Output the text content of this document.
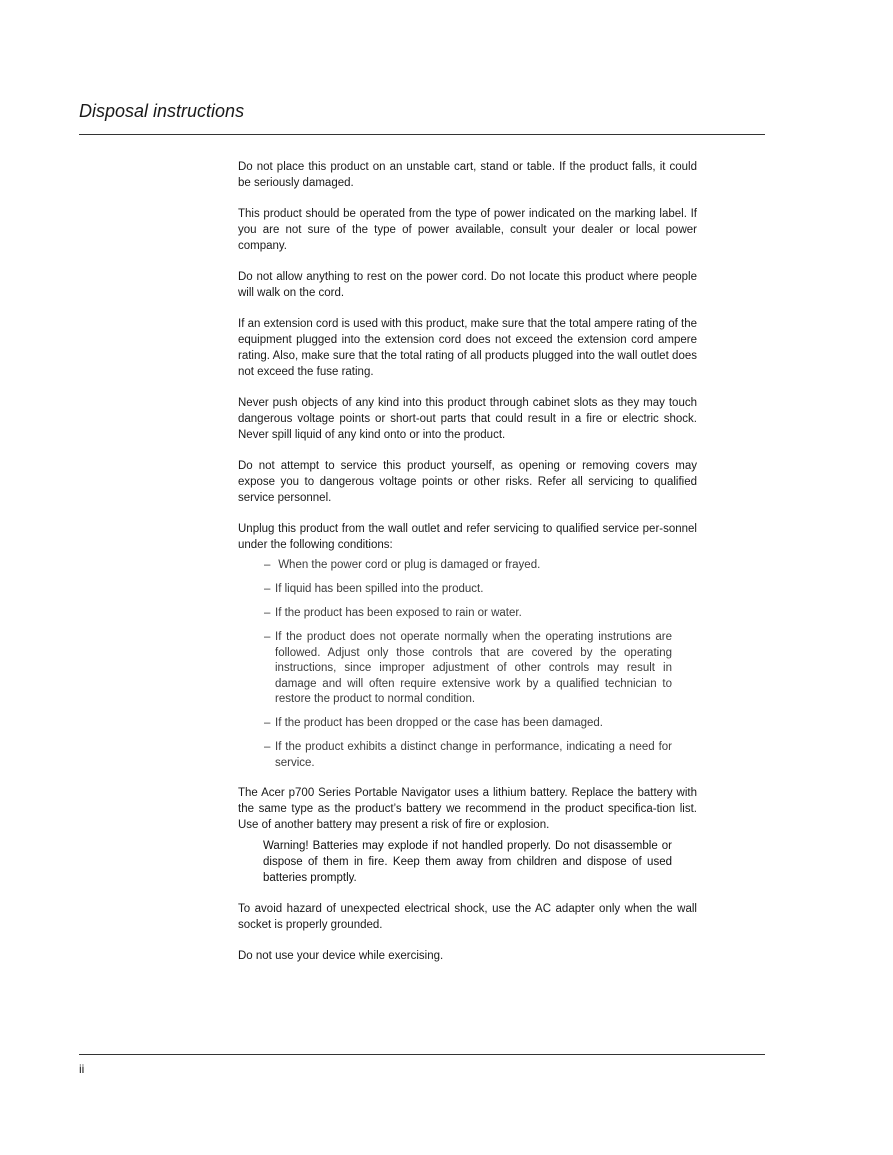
Disposal instructions

Do not place this product on an unstable cart, stand or table. If the product falls, it could be seriously damaged.

This product should be operated from the type of power indicated on the marking label. If you are not sure of the type of power available, consult your dealer or local power company.

Do not allow anything to rest on the power cord. Do not locate this product where people will walk on the cord.

If an extension cord is used with this product, make sure that the total ampere rating of the equipment plugged into the extension cord does not exceed the extension cord ampere rating. Also, make sure that the total rating of all products plugged into the wall outlet does not exceed the fuse rating.

Never push objects of any kind into this product through cabinet slots as they may touch dangerous voltage points or short-out parts that could result in a fire or electric shock. Never spill liquid of any kind onto or into the product.

Do not attempt to service this product yourself, as opening or removing covers may expose you to dangerous voltage points or other risks. Refer all servicing to qualified service personnel.

Unplug this product from the wall outlet and refer servicing to qualified service per-sonnel under the following conditions:

– When the power cord or plug is damaged or frayed.
– If liquid has been spilled into the product.
– If the product has been exposed to rain or water.
– If the product does not operate normally when the operating instrutions are followed. Adjust only those controls that are covered by the operating instructions, since improper adjustment of other controls may result in damage and will often require extensive work by a qualified technician to restore the product to normal condition.
– If the product has been dropped or the case has been damaged.
– If the product exhibits a distinct change in performance, indicating a need for service.

The Acer p700 Series Portable Navigator uses a lithium battery. Replace the battery with the same type as the product’s battery we recommend in the product specifica-tion list. Use of another battery may present a risk of fire or explosion.

Warning! Batteries may explode if not handled properly. Do not disassemble or dispose of them in fire. Keep them away from children and dispose of used batteries promptly.

To avoid hazard of unexpected electrical shock, use the AC adapter only when the wall socket is properly grounded.

Do not use your device while exercising.

ii
